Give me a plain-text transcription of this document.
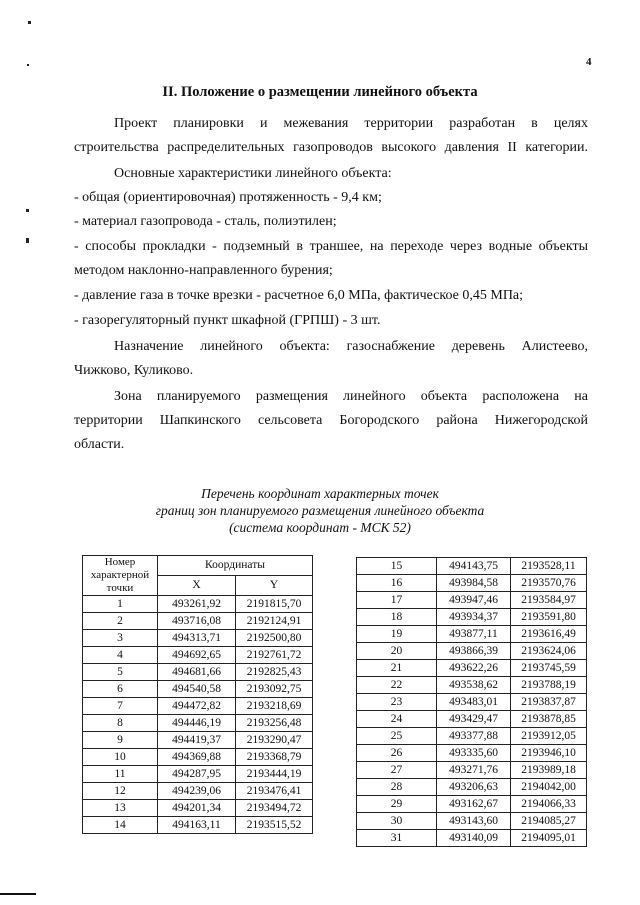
4
II. Положение о размещении линейного объекта
Проект планировки и межевания территории разработан в целях
строительства распределительных газопроводов высокого давления II категории.
Основные характеристики линейного объекта:
- общая (ориентировочная) протяженность - 9,4 км;
- материал газопровода - сталь, полиэтилен;
- способы прокладки - подземный в траншее, на переходе через водные объекты
методом наклонно-направленного бурения;
- давление газа в точке врезки - расчетное 6,0 МПа, фактическое 0,45 МПа;
- газорегуляторный пункт шкафной (ГРПШ) - 3 шт.
Назначение линейного объекта: газоснабжение деревень Алистеево,
Чижково, Куликово.
Зона планируемого размещения линейного объекта расположена на
территории Шапкинского сельсовета Богородского района Нижегородской
области.
Перечень координат характерных точек
границ зон планируемого размещения линейного объекта
(система координат - МСК 52)
Номер характерной точки	Координаты	
	X	Y
1	493261,92	2191815,70
2	493716,08	2192124,91
3	494313,71	2192500,80
4	494692,65	2192761,72
5	494681,66	2192825,43
6	494540,58	2193092,75
7	494472,82	2193218,69
8	494446,19	2193256,48
9	494419,37	2193290,47
10	494369,88	2193368,79
11	494287,95	2193444,19
12	494239,06	2193476,41
13	494201,34	2193494,72
14	494163,11	2193515,52
15	494143,75	2193528,11
16	493984,58	2193570,76
17	493947,46	2193584,97
18	493934,37	2193591,80
19	493877,11	2193616,49
20	493866,39	2193624,06
21	493622,26	2193745,59
22	493538,62	2193788,19
23	493483,01	2193837,87
24	493429,47	2193878,85
25	493377,88	2193912,05
26	493335,60	2193946,10
27	493271,76	2193989,18
28	493206,63	2194042,00
29	493162,67	2194066,33
30	493143,60	2194085,27
31	493140,09	2194095,01
